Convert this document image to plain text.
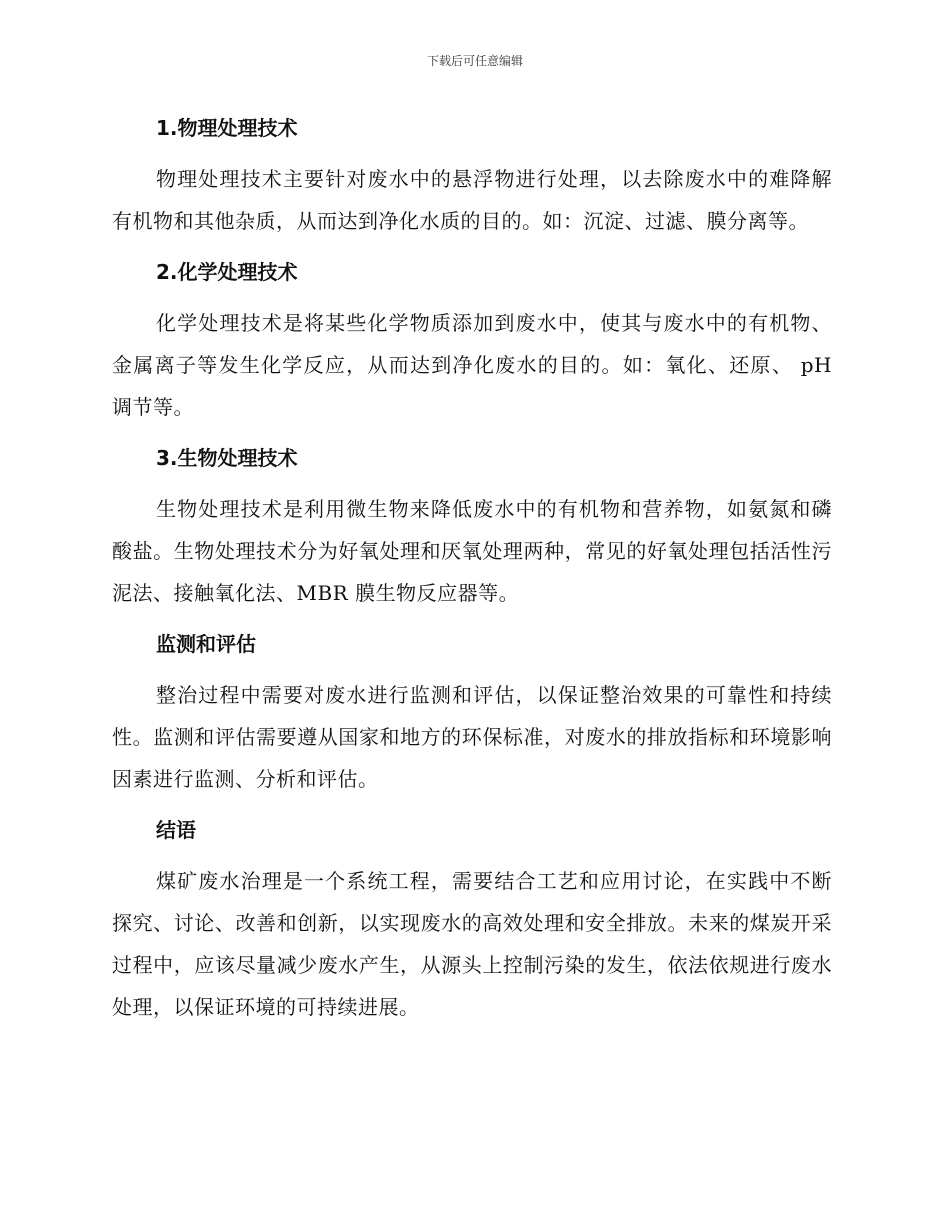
下载后可任意编辑
1.物理处理技术

物理处理技术主要针对废水中的悬浮物进行处理，以去除废水中的难降解有机物和其他杂质，从而达到净化水质的目的。如：沉淀、过滤、膜分离等。

2.化学处理技术

化学处理技术是将某些化学物质添加到废水中，使其与废水中的有机物、金属离子等发生化学反应，从而达到净化废水的目的。如：氧化、还原、 pH 调节等。

3.生物处理技术

生物处理技术是利用微生物来降低废水中的有机物和营养物，如氨氮和磷酸盐。生物处理技术分为好氧处理和厌氧处理两种，常见的好氧处理包括活性污泥法、接触氧化法、MBR 膜生物反应器等。

监测和评估

整治过程中需要对废水进行监测和评估，以保证整治效果的可靠性和持续性。监测和评估需要遵从国家和地方的环保标准，对废水的排放指标和环境影响因素进行监测、分析和评估。

结语

煤矿废水治理是一个系统工程，需要结合工艺和应用讨论，在实践中不断探究、讨论、改善和创新，以实现废水的高效处理和安全排放。未来的煤炭开采过程中，应该尽量减少废水产生，从源头上控制污染的发生，依法依规进行废水处理，以保证环境的可持续进展。
